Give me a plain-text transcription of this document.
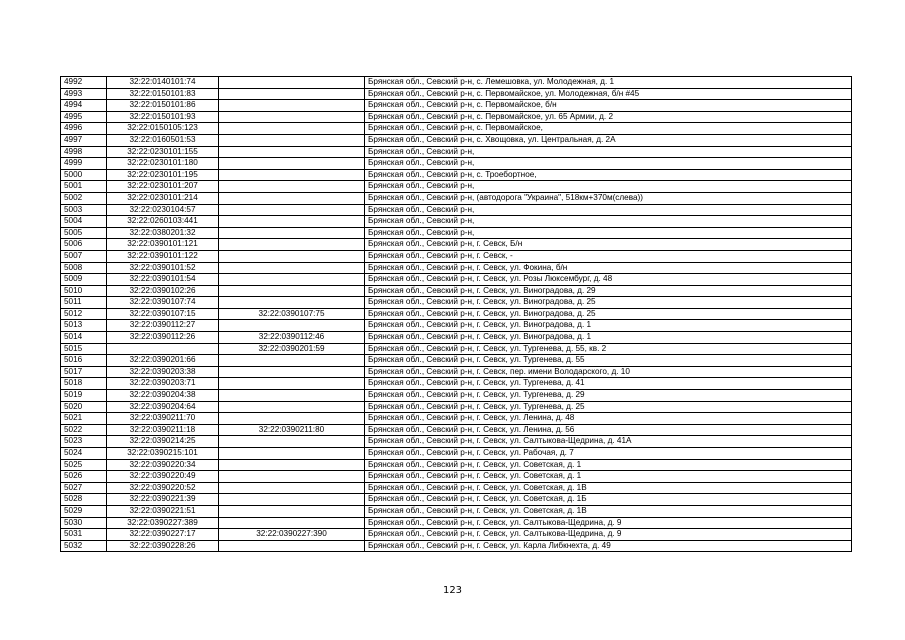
4992	32:22:0140101:74		Брянская обл., Севский р-н, с. Лемешовка, ул. Молодежная, д. 1
4993	32:22:0150101:83		Брянская обл., Севский р-н, с. Первомайское, ул. Молодежная, б/н #45
4994	32:22:0150101:86		Брянская обл., Севский р-н, с. Первомайское, б/н
4995	32:22:0150101:93		Брянская обл., Севский р-н, с. Первомайское, ул. 65 Армии, д. 2
4996	32:22:0150105:123		Брянская обл., Севский р-н, с. Первомайское,
4997	32:22:0160501:53		Брянская обл., Севский р-н, с. Хвощовка, ул. Центральная, д. 2А
4998	32:22:0230101:155		Брянская обл., Севский р-н,
4999	32:22:0230101:180		Брянская обл., Севский р-н,
5000	32:22:0230101:195		Брянская обл., Севский р-н, с. Троебортное,
5001	32:22:0230101:207		Брянская обл., Севский р-н,
5002	32:22:0230101:214		Брянская обл., Севский р-н, (автодорога "Украина", 518км+370м(слева))
5003	32:22:0230104:57		Брянская обл., Севский р-н,
5004	32:22:0260103:441		Брянская обл., Севский р-н,
5005	32:22:0380201:32		Брянская обл., Севский р-н,
5006	32:22:0390101:121		Брянская обл., Севский р-н, г. Севск, Б/н
5007	32:22:0390101:122		Брянская обл., Севский р-н, г. Севск, -
5008	32:22:0390101:52		Брянская обл., Севский р-н, г. Севск, ул. Фокина, б/н
5009	32:22:0390101:54		Брянская обл., Севский р-н, г. Севск, ул. Розы Люксембург, д. 48
5010	32:22:0390102:26		Брянская обл., Севский р-н, г. Севск, ул. Виноградова, д. 29
5011	32:22:0390107:74		Брянская обл., Севский р-н, г. Севск, ул. Виноградова, д. 25
5012	32:22:0390107:15	32:22:0390107:75	Брянская обл., Севский р-н, г. Севск, ул. Виноградова, д. 25
5013	32:22:0390112:27		Брянская обл., Севский р-н, г. Севск, ул. Виноградова, д. 1
5014	32:22:0390112:26	32:22:0390112:46	Брянская обл., Севский р-н, г. Севск, ул. Виноградова, д. 1
5015		32:22:0390201:59	Брянская обл., Севский р-н, г. Севск, ул. Тургенева, д. 55, кв. 2
5016	32:22:0390201:66		Брянская обл., Севский р-н, г. Севск, ул. Тургенева, д. 55
5017	32:22:0390203:38		Брянская обл., Севский р-н, г. Севск, пер. имени Володарского, д. 10
5018	32:22:0390203:71		Брянская обл., Севский р-н, г. Севск, ул. Тургенева, д. 41
5019	32:22:0390204:38		Брянская обл., Севский р-н, г. Севск, ул. Тургенева, д. 29
5020	32:22:0390204:64		Брянская обл., Севский р-н, г. Севск, ул. Тургенева, д. 25
5021	32:22:0390211:70		Брянская обл., Севский р-н, г. Севск, ул. Ленина, д. 48
5022	32:22:0390211:18	32:22:0390211:80	Брянская обл., Севский р-н, г. Севск, ул. Ленина, д. 56
5023	32:22:0390214:25		Брянская обл., Севский р-н, г. Севск, ул. Салтыкова-Щедрина, д. 41А
5024	32:22:0390215:101		Брянская обл., Севский р-н, г. Севск, ул. Рабочая, д. 7
5025	32:22:0390220:34		Брянская обл., Севский р-н, г. Севск, ул. Советская, д. 1
5026	32:22:0390220:49		Брянская обл., Севский р-н, г. Севск, ул. Советская, д. 1
5027	32:22:0390220:52		Брянская обл., Севский р-н, г. Севск, ул. Советская, д. 1В
5028	32:22:0390221:39		Брянская обл., Севский р-н, г. Севск, ул. Советская, д. 1Б
5029	32:22:0390221:51		Брянская обл., Севский р-н, г. Севск, ул. Советская, д. 1В
5030	32:22:0390227:389		Брянская обл., Севский р-н, г. Севск, ул. Салтыкова-Щедрина, д. 9
5031	32:22:0390227:17	32:22:0390227:390	Брянская обл., Севский р-н, г. Севск, ул. Салтыкова-Щедрина, д. 9
5032	32:22:0390228:26		Брянская обл., Севский р-н, г. Севск, ул. Карла Либкнехта, д. 49
123
